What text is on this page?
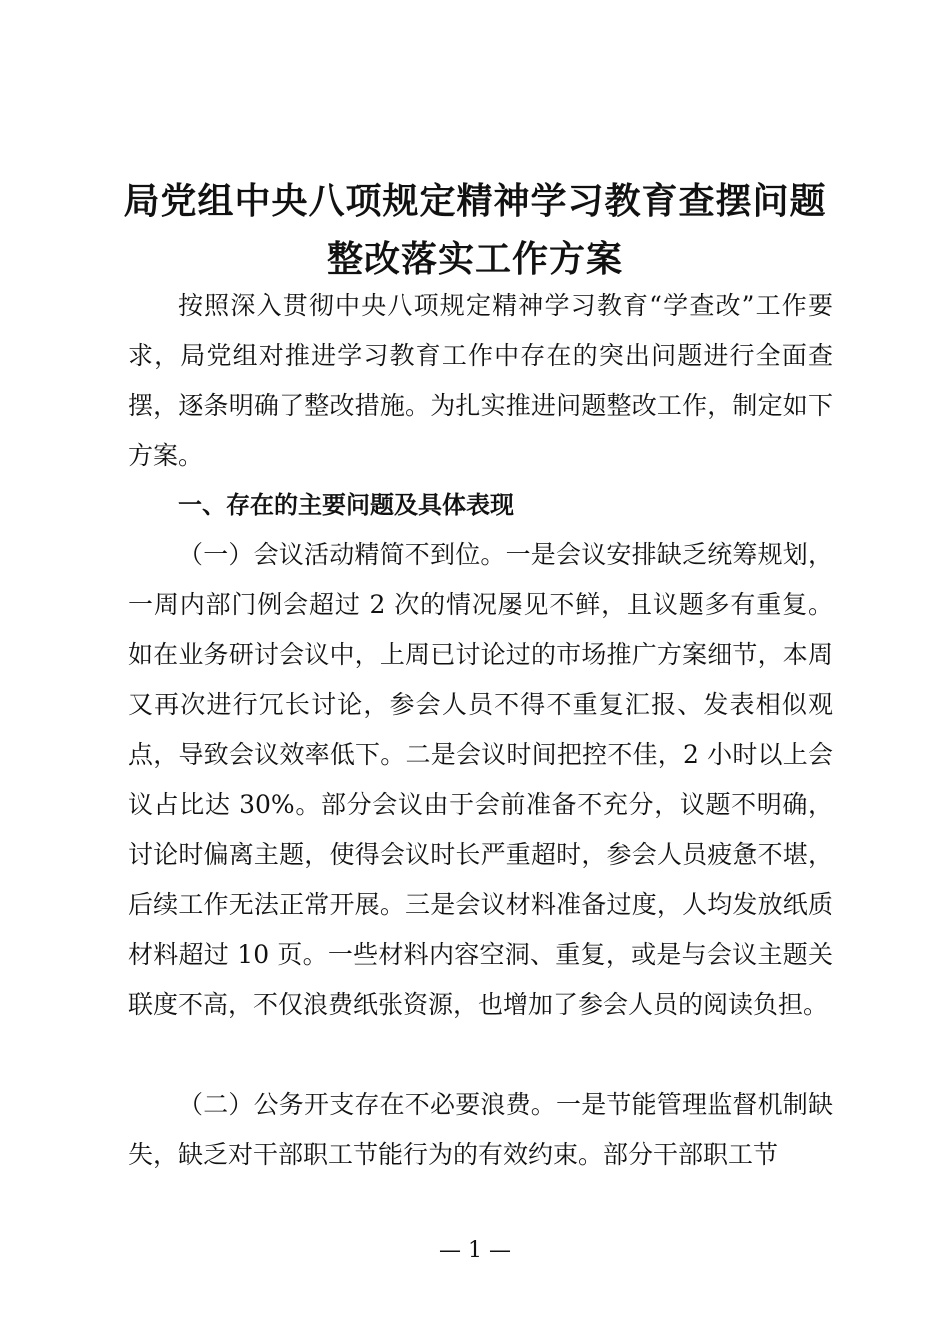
局党组中央八项规定精神学习教育查摆问题整改落实工作方案

按照深入贯彻中央八项规定精神学习教育“学查改”工作要求，局党组对推进学习教育工作中存在的突出问题进行全面查摆，逐条明确了整改措施。为扎实推进问题整改工作，制定如下方案。

一、存在的主要问题及具体表现

（一）会议活动精简不到位。一是会议安排缺乏统筹规划，一周内部门例会超过 2 次的情况屡见不鲜，且议题多有重复。如在业务研讨会议中，上周已讨论过的市场推广方案细节，本周又再次进行冗长讨论，参会人员不得不重复汇报、发表相似观点，导致会议效率低下。二是会议时间把控不佳，2 小时以上会议占比达 30%。部分会议由于会前准备不充分，议题不明确，讨论时偏离主题，使得会议时长严重超时，参会人员疲惫不堪，后续工作无法正常开展。三是会议材料准备过度，人均发放纸质材料超过 10 页。一些材料内容空洞、重复，或是与会议主题关联度不高，不仅浪费纸张资源，也增加了参会人员的阅读负担。

（二）公务开支存在不必要浪费。一是节能管理监督机制缺失，缺乏对干部职工节能行为的有效约束。部分干部职工节

— 1 —
